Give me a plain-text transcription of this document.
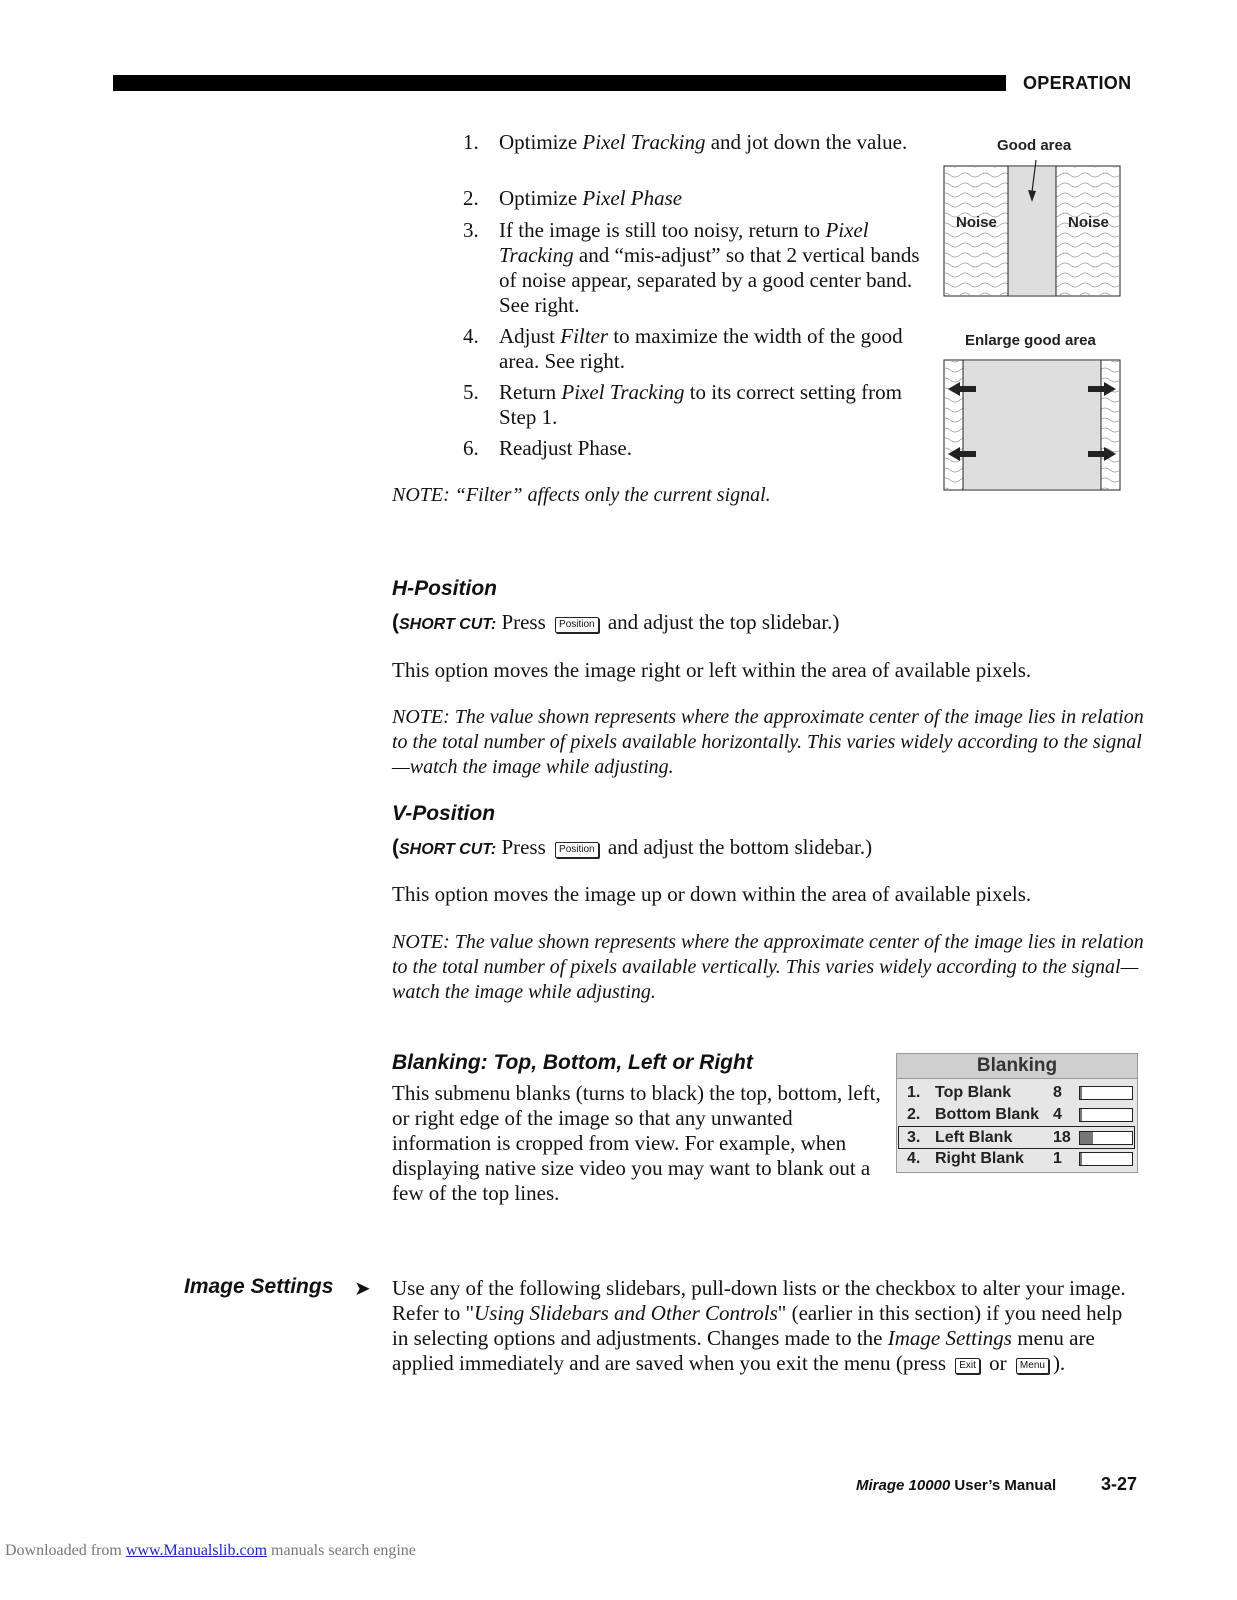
OPERATION
1. Optimize Pixel Tracking and jot down the value.
2. Optimize Pixel Phase
3. If the image is still too noisy, return to Pixel Tracking and “mis-adjust” so that 2 vertical bands of noise appear, separated by a good center band. See right.
4. Adjust Filter to maximize the width of the good area. See right.
5. Return Pixel Tracking to its correct setting from Step 1.
6. Readjust Phase.
NOTE: “Filter” affects only the current signal.
Good area
Noise	Noise
Enlarge good area
H-Position
(SHORT CUT: Press Position and adjust the top slidebar.)
This option moves the image right or left within the area of available pixels.
NOTE: The value shown represents where the approximate center of the image lies in relation to the total number of pixels available horizontally. This varies widely according to the signal—watch the image while adjusting.
V-Position
(SHORT CUT: Press Position and adjust the bottom slidebar.)
This option moves the image up or down within the area of available pixels.
NOTE: The value shown represents where the approximate center of the image lies in relation to the total number of pixels available vertically. This varies widely according to the signal—watch the image while adjusting.
Blanking: Top, Bottom, Left or Right
This submenu blanks (turns to black) the top, bottom, left, or right edge of the image so that any unwanted information is cropped from view. For example, when displaying native size video you may want to blank out a few of the top lines.
Blanking
1. Top Blank	8
2. Bottom Blank 4
3. Left Blank	18
4. Right Blank 1
Image Settings ➤ Use any of the following slidebars, pull-down lists or the checkbox to alter your image. Refer to "Using Slidebars and Other Controls" (earlier in this section) if you need help in selecting options and adjustments. Changes made to the Image Settings menu are applied immediately and are saved when you exit the menu (press Exit or Menu ).
Mirage 10000 User’s Manual 3-27
Downloaded from www.Manualslib.com manuals search engine
